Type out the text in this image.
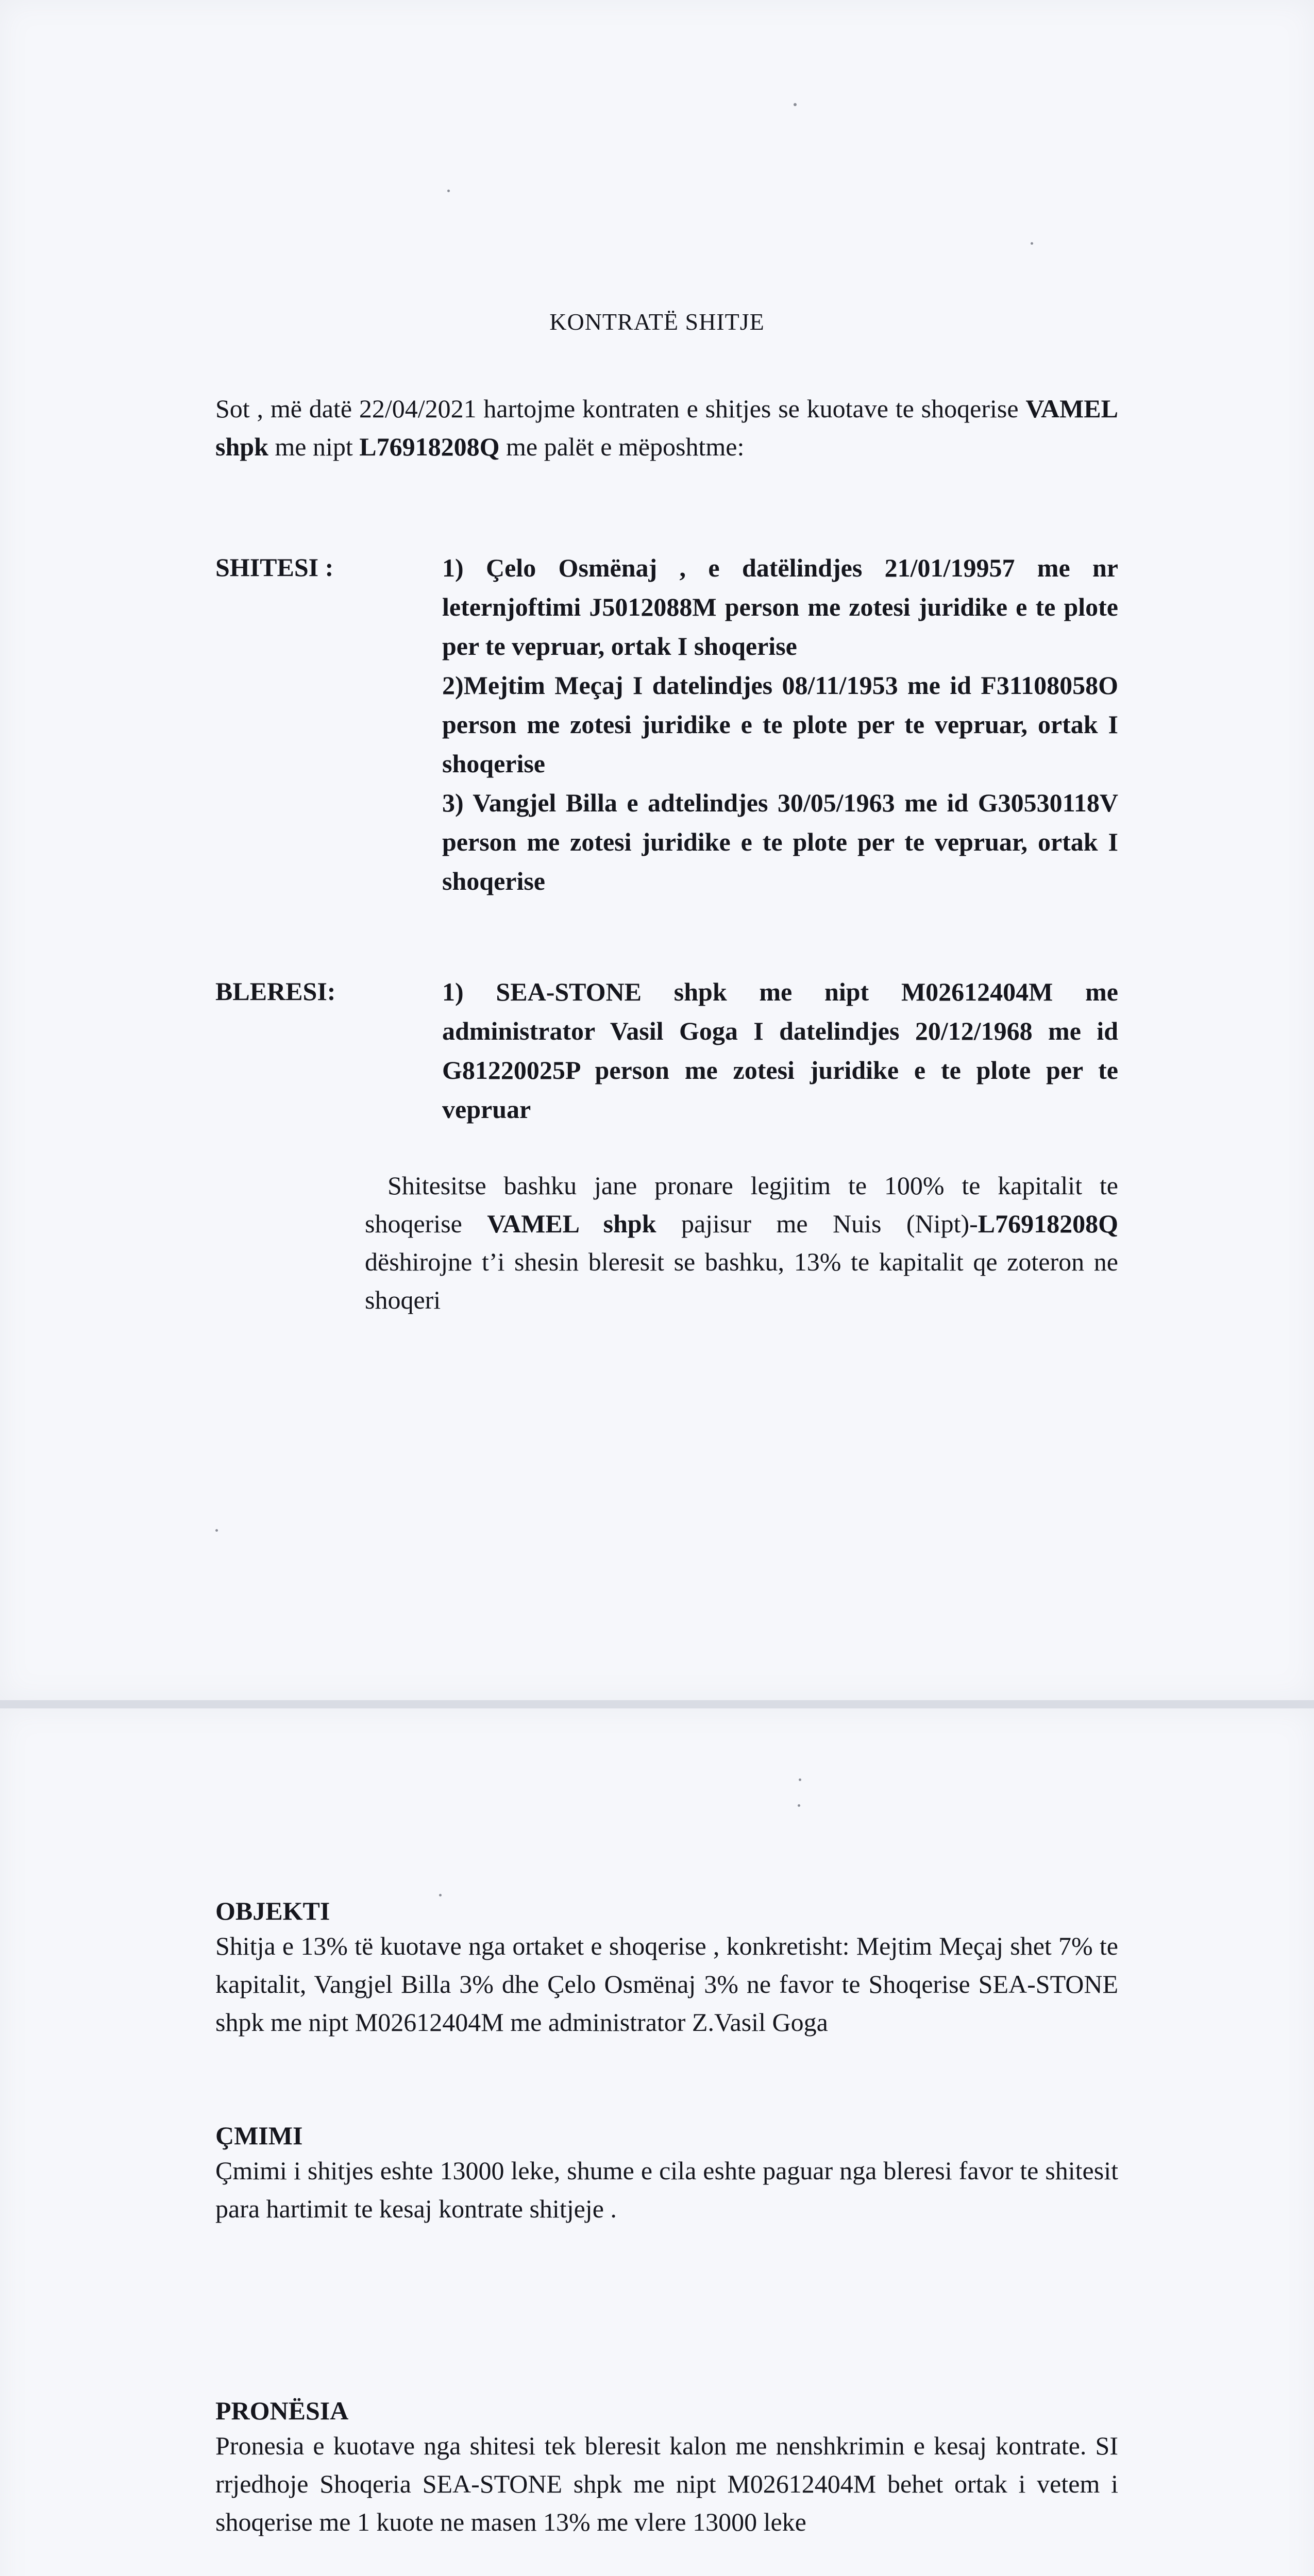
KONTRATË SHITJE
Sot , më datë 22/04/2021 hartojme kontraten e shitjes se kuotave te shoqerise VAMEL shpk me nipt L76918208Q me palët e mëposhtme:
SHITESI :	1) Çelo Osmënaj , e datëlindjes 21/01/19957 me nr leternjoftimi J5012088M person me zotesi juridike e te plote per te vepruar, ortak I shoqerise

2)Mejtim Meçaj I datelindjes 08/11/1953 me id F31108058O person me zotesi juridike e te plote per te vepruar, ortak I shoqerise

3) Vangjel Billa e adtelindjes 30/05/1963 me id G30530118V person me zotesi juridike e te plote per te vepruar, ortak I shoqerise

BLERESI:	1) SEA-STONE shpk me nipt M02612404M me administrator Vasil Goga I datelindjes 20/12/1968 me id G81220025P person me zotesi juridike e te plote per te vepruar

Shitesitse bashku jane pronare legjitim te 100% te kapitalit te shoqerise VAMEL shpk pajisur me Nuis (Nipt)-L76918208Q dëshirojne t’i shesin bleresit se bashku, 13% te kapitalit qe zoteron ne shoqeri
OBJEKTI
Shitja e 13% të kuotave nga ortaket e shoqerise , konkretisht: Mejtim Meçaj shet 7% te kapitalit, Vangjel Billa 3% dhe Çelo Osmënaj 3% ne favor te Shoqerise SEA-STONE shpk me nipt M02612404M me administrator Z.Vasil Goga
ÇMIMI
Çmimi i shitjes eshte 13000 leke, shume e cila eshte paguar nga bleresi favor te shitesit para hartimit te kesaj kontrate shitjeje .
PRONËSIA
Pronesia e kuotave nga shitesi tek bleresit kalon me nenshkrimin e kesaj kontrate. SI rrjedhoje Shoqeria SEA-STONE shpk me nipt M02612404M behet ortak i vetem i shoqerise me 1 kuote ne masen 13% me vlere 13000 leke
